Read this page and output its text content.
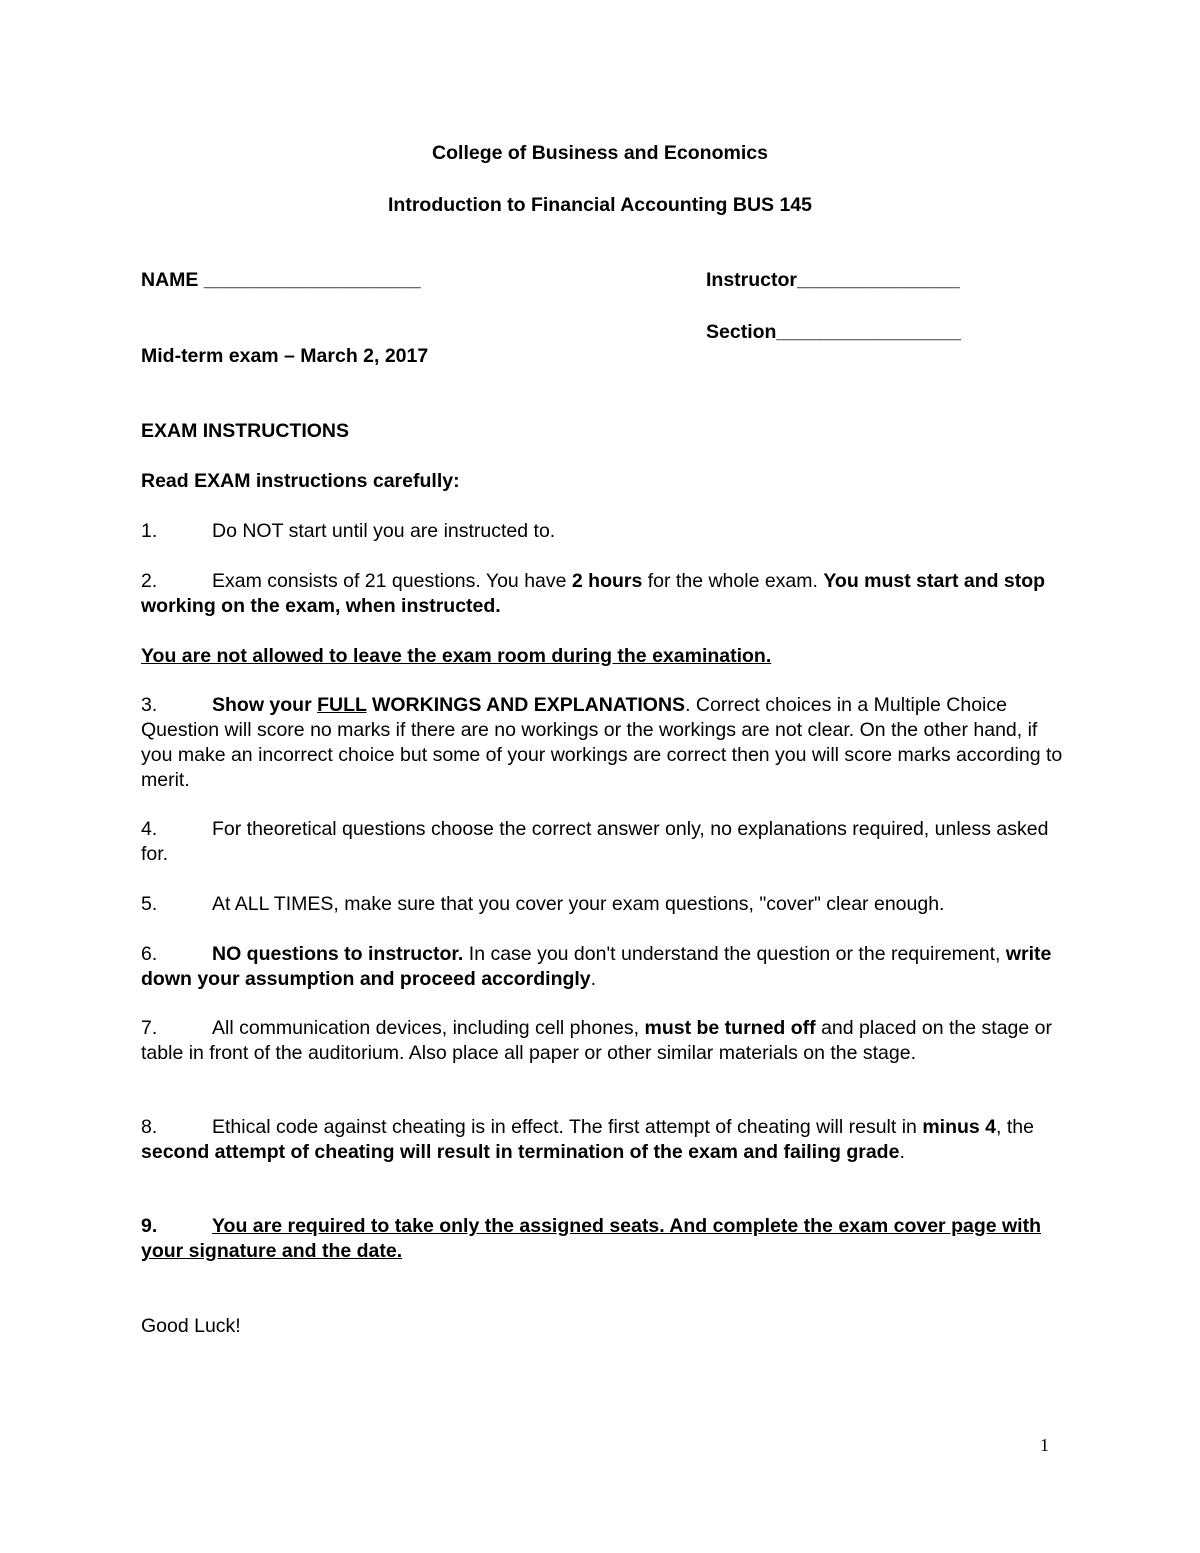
College of Business and Economics
Introduction to Financial Accounting BUS 145
NAME ____________________	Instructor_______________
Section_________________
Mid-term exam – March 2, 2017
EXAM INSTRUCTIONS
Read EXAM instructions carefully:
1.	Do NOT start until you are instructed to.
2.	Exam consists of 21 questions. You have 2 hours for the whole exam. You must start and stop working on the exam, when instructed.
You are not allowed to leave the exam room during the examination.
3.	Show your FULL WORKINGS AND EXPLANATIONS. Correct choices in a Multiple Choice Question will score no marks if there are no workings or the workings are not clear. On the other hand, if you make an incorrect choice but some of your workings are correct then you will score marks according to merit.
4.	For theoretical questions choose the correct answer only, no explanations required, unless asked for.
5.	At ALL TIMES, make sure that you cover your exam questions, "cover" clear enough.
6.	NO questions to instructor. In case you don't understand the question or the requirement, write down your assumption and proceed accordingly.
7.	All communication devices, including cell phones, must be turned off and placed on the stage or table in front of the auditorium. Also place all paper or other similar materials on the stage.
8.	Ethical code against cheating is in effect. The first attempt of cheating will result in minus 4, the second attempt of cheating will result in termination of the exam and failing grade.
9.	You are required to take only the assigned seats. And complete the exam cover page with your signature and the date.
Good Luck!
1
